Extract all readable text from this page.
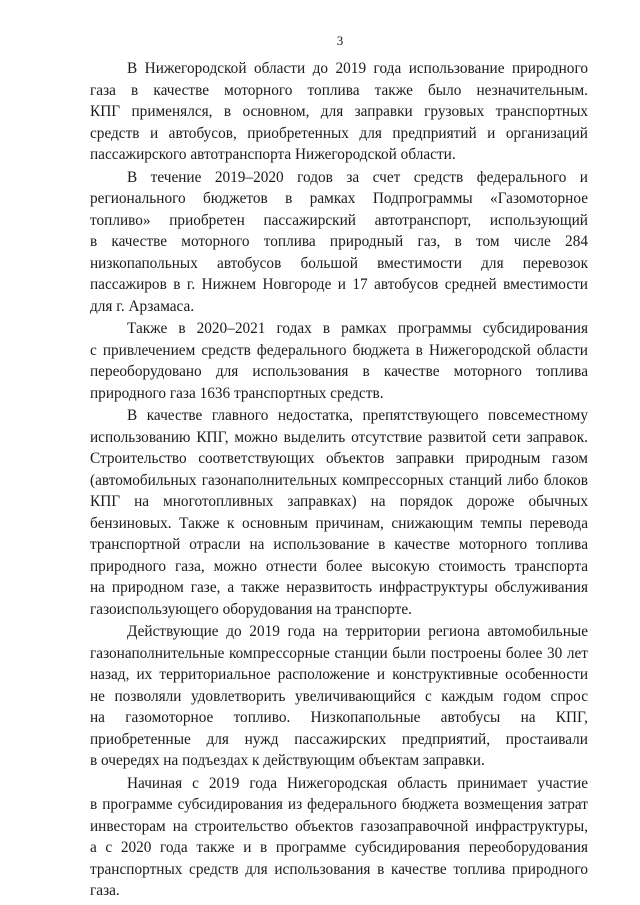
3
В Нижегородской области до 2019 года использование природного
газа в качестве моторного топлива также было незначительным.
КПГ применялся, в основном, для заправки грузовых транспортных
средств и автобусов, приобретенных для предприятий и организаций
пассажирского автотранспорта Нижегородской области.
В течение 2019–2020 годов за счет средств федерального и
регионального бюджетов в рамках Подпрограммы «Газомоторное
топливо» приобретен пассажирский автотранспорт, использующий
в качестве моторного топлива природный газ, в том числе 284
низкопапольных автобусов большой вместимости для перевозок
пассажиров в г. Нижнем Новгороде и 17 автобусов средней вместимости
для г. Арзамаса.
Также в 2020–2021 годах в рамках программы субсидирования
с привлечением средств федерального бюджета в Нижегородской области
переоборудовано для использования в качестве моторного топлива
природного газа 1636 транспортных средств.
В качестве главного недостатка, препятствующего повсеместному
использованию КПГ, можно выделить отсутствие развитой сети заправок.
Строительство соответствующих объектов заправки природным газом
(автомобильных газонаполнительных компрессорных станций либо блоков
КПГ на многотопливных заправках) на порядок дороже обычных
бензиновых. Также к основным причинам, снижающим темпы перевода
транспортной отрасли на использование в качестве моторного топлива
природного газа, можно отнести более высокую стоимость транспорта
на природном газе, а также неразвитость инфраструктуры обслуживания
газоиспользующего оборудования на транспорте.
Действующие до 2019 года на территории региона автомобильные
газонаполнительные компрессорные станции были построены более 30 лет
назад, их территориальное расположение и конструктивные особенности
не позволяли удовлетворить увеличивающийся с каждым годом спрос
на газомоторное топливо. Низкопапольные автобусы на КПГ,
приобретенные для нужд пассажирских предприятий, простаивали
в очередях на подъездах к действующим объектам заправки.
Начиная с 2019 года Нижегородская область принимает участие
в программе субсидирования из федерального бюджета возмещения затрат
инвесторам на строительство объектов газозаправочной инфраструктуры,
а с 2020 года также и в программе субсидирования переоборудования
транспортных средств для использования в качестве топлива природного
газа.
